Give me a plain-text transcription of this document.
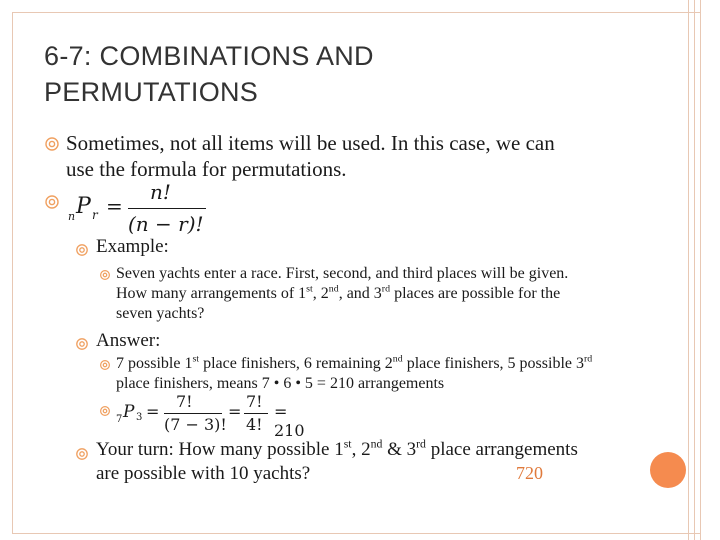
6-7: COMBINATIONS AND
PERMUTATIONS
Sometimes, not all items will be used. In this case, we can
use the formula for permutations.
n P r =
n!
(n − r)!
Example:
Seven yachts enter a race. First, second, and third places will be given.
How many arrangements of 1st, 2nd, and 3rd places are possible for the
seven yachts?
Answer:
7 possible 1st place finishers, 6 remaining 2nd place finishers, 5 possible 3rd
place finishers, means 7 • 6 • 5 = 210 arrangements
7 P 3 =
7!
(7 − 3)!
=
7!
4!
= 210
Your turn: How many possible 1st, 2nd & 3rd place arrangements
are possible with 10 yachts?	720
